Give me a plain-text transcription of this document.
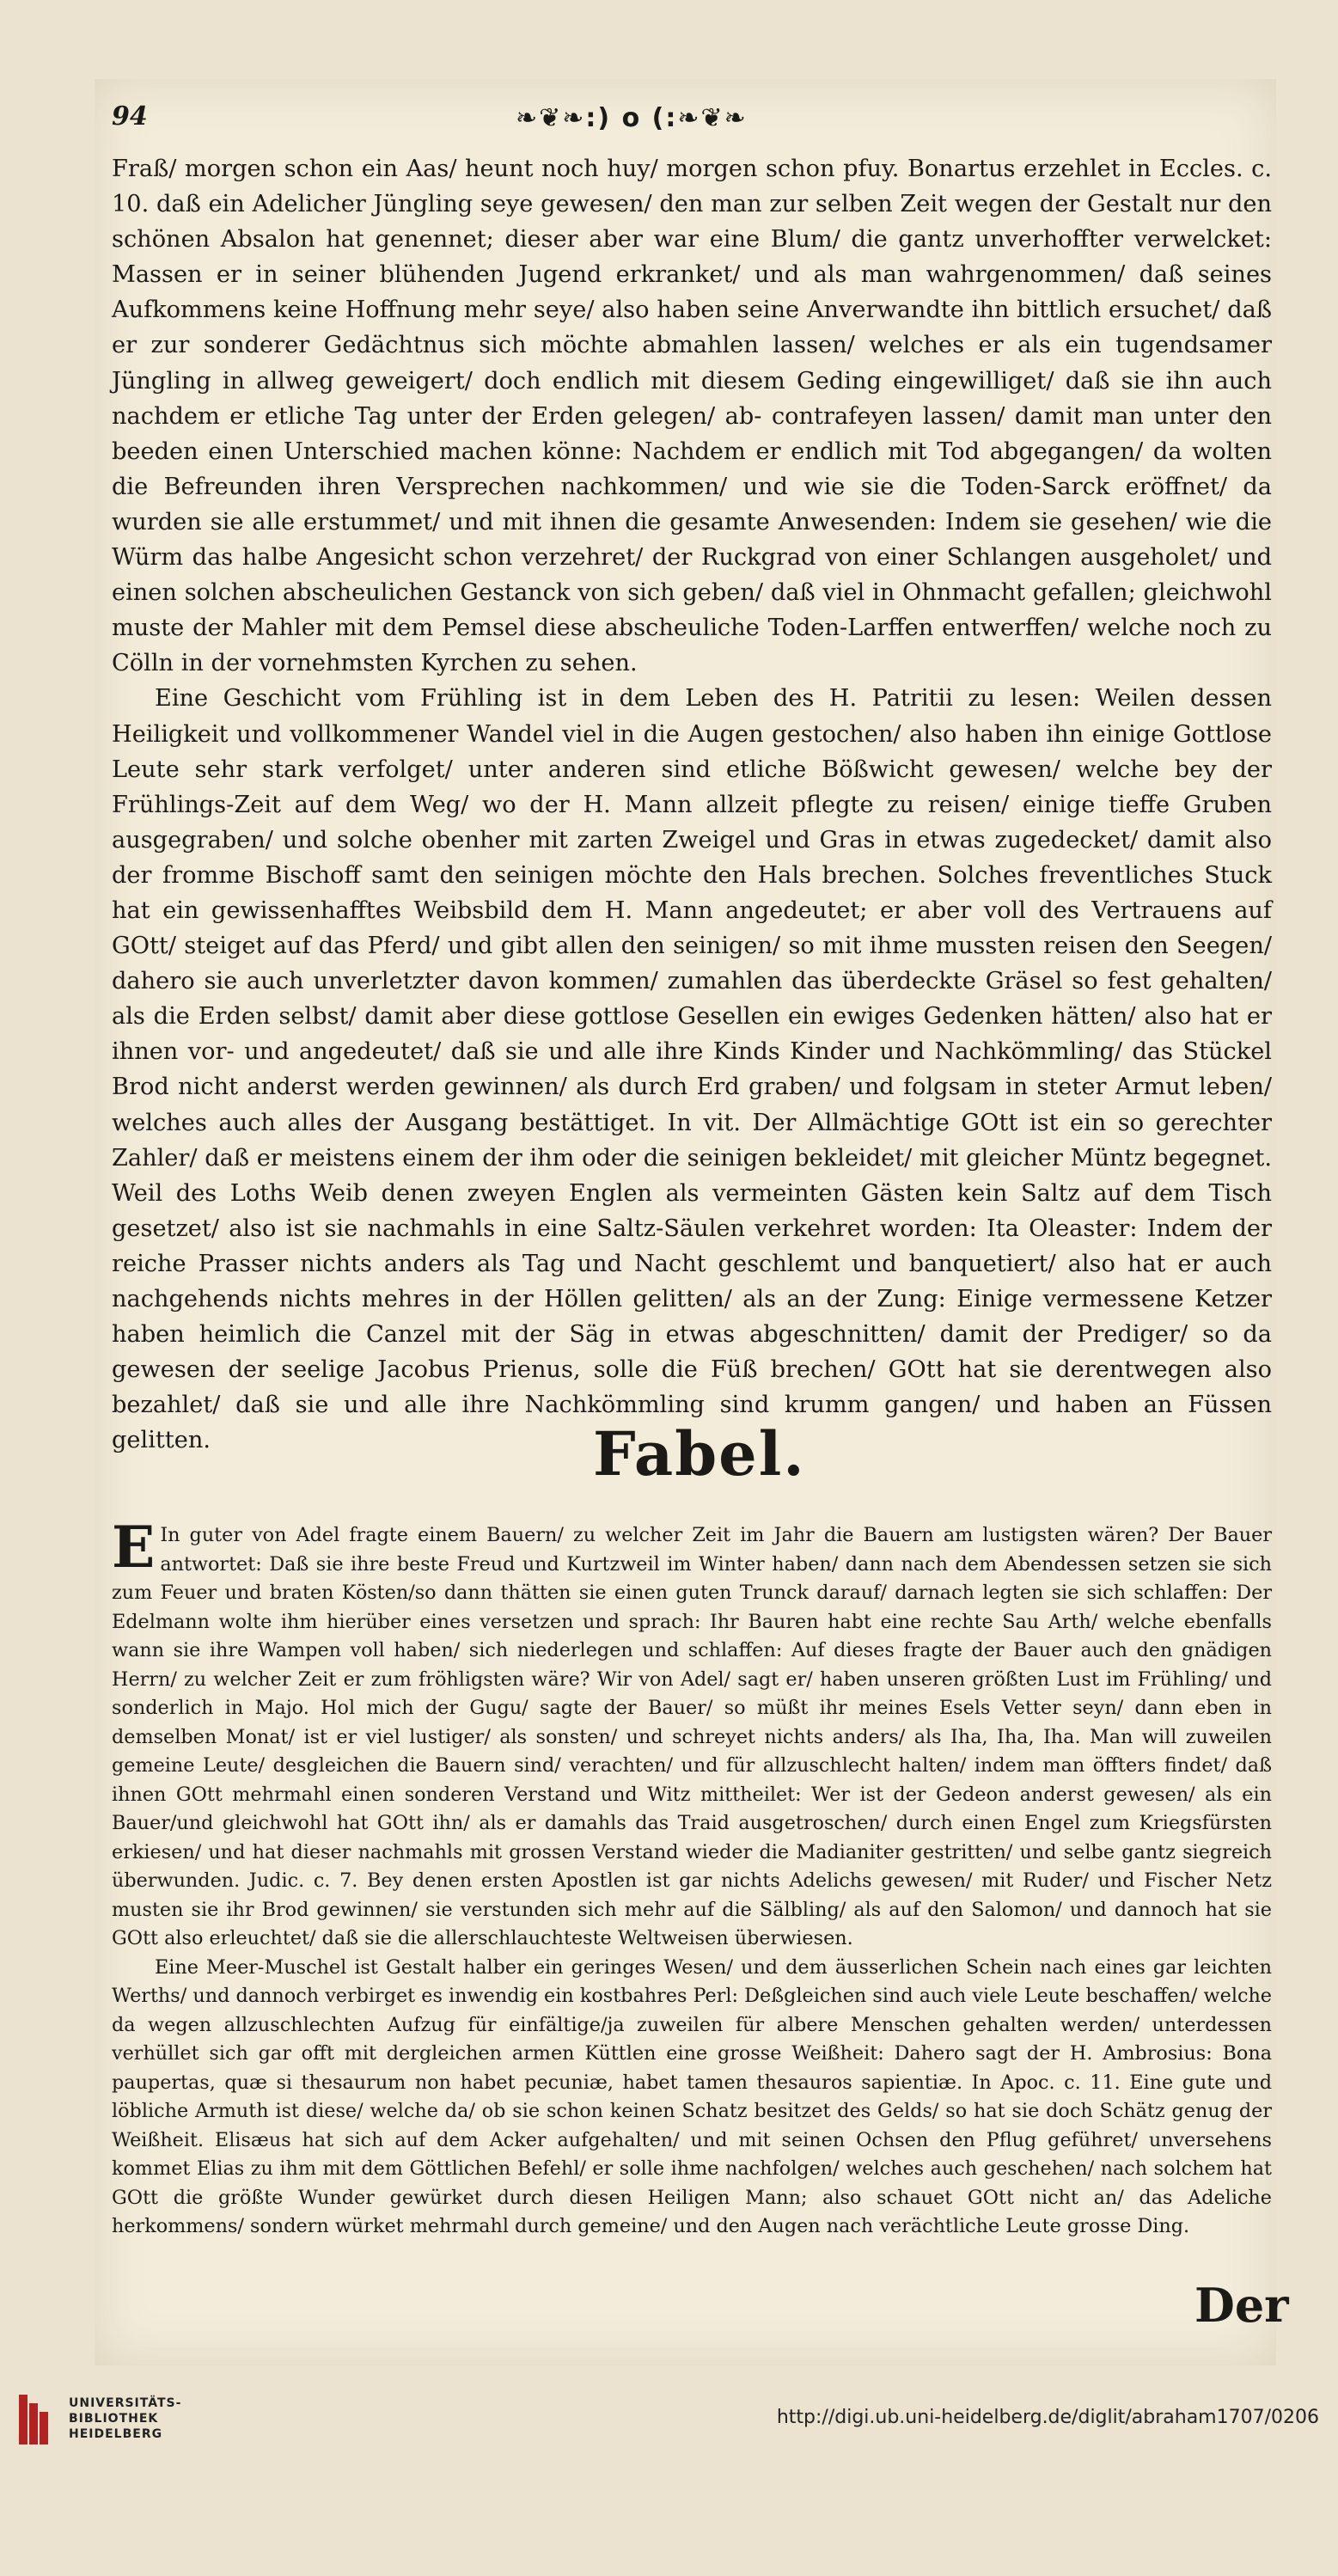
94	❧❦❧:) o (:❧❦❧

Fraß/ morgen schon ein Aas/ heunt noch huy/ morgen schon pfuy. Bonartus erzehlet in Eccles. c. 10. daß ein Adelicher Jüngling seye gewesen/ den man zur selben Zeit wegen der Gestalt nur den schönen Absalon hat genennet; dieser aber war eine Blum/ die gantz unverhoffter verwelcket: Massen er in seiner blühenden Jugend erkranket/ und als man wahrgenommen/ daß seines Aufkommens keine Hoffnung mehr seye/ also haben seine Anverwandte ihn bittlich ersuchet/ daß er zur sonderer Gedächtnus sich möchte abmahlen lassen/ welches er als ein tugendsamer Jüngling in allweg geweigert/ doch endlich mit diesem Geding eingewilliget/ daß sie ihn auch nachdem er etliche Tag unter der Erden gelegen/ ab- contrafeyen lassen/ damit man unter den beeden einen Unterschied machen könne: Nachdem er endlich mit Tod abgegangen/ da wolten die Befreunden ihren Versprechen nachkommen/ und wie sie die Toden-Sarck eröffnet/ da wurden sie alle erstummet/ und mit ihnen die gesamte Anwesenden: Indem sie gesehen/ wie die Würm das halbe Angesicht schon verzehret/ der Ruckgrad von einer Schlangen ausgeholet/ und einen solchen abscheulichen Gestanck von sich geben/ daß viel in Ohnmacht gefallen; gleichwohl muste der Mahler mit dem Pemsel diese abscheuliche Toden-Larffen entwerffen/ welche noch zu Cölln in der vornehmsten Kyrchen zu sehen.

Eine Geschicht vom Frühling ist in dem Leben des H. Patritii zu lesen: Weilen dessen Heiligkeit und vollkommener Wandel viel in die Augen gestochen/ also haben ihn einige Gottlose Leute sehr stark verfolget/ unter anderen sind etliche Bößwicht gewesen/ welche bey der Frühlings-Zeit auf dem Weg/ wo der H. Mann allzeit pflegte zu reisen/ einige tieffe Gruben ausgegraben/ und solche obenher mit zarten Zweigel und Gras in etwas zugedecket/ damit also der fromme Bischoff samt den seinigen möchte den Hals brechen. Solches freventliches Stuck hat ein gewissenhafftes Weibsbild dem H. Mann angedeutet; er aber voll des Vertrauens auf GOtt/ steiget auf das Pferd/ und gibt allen den seinigen/ so mit ihme mussten reisen den Seegen/ dahero sie auch unverletzter davon kommen/ zumahlen das überdeckte Gräsel so fest gehalten/ als die Erden selbst/ damit aber diese gottlose Gesellen ein ewiges Gedenken hätten/ also hat er ihnen vor- und angedeutet/ daß sie und alle ihre Kinds Kinder und Nachkömmling/ das Stückel Brod nicht anderst werden gewinnen/ als durch Erd graben/ und folgsam in steter Armut leben/ welches auch alles der Ausgang bestättiget. In vit. Der Allmächtige GOtt ist ein so gerechter Zahler/ daß er meistens einem der ihm oder die seinigen bekleidet/ mit gleicher Müntz begegnet. Weil des Loths Weib denen zweyen Englen als vermeinten Gästen kein Saltz auf dem Tisch gesetzet/ also ist sie nachmahls in eine Saltz-Säulen verkehret worden: Ita Oleaster: Indem der reiche Prasser nichts anders als Tag und Nacht geschlemt und banquetiert/ also hat er auch nachgehends nichts mehres in der Höllen gelitten/ als an der Zung: Einige vermessene Ketzer haben heimlich die Canzel mit der Säg in etwas abgeschnitten/ damit der Prediger/ so da gewesen der seelige Jacobus Prienus, solle die Füß brechen/ GOtt hat sie derentwegen also bezahlet/ daß sie und alle ihre Nachkömmling sind krumm gangen/ und haben an Füssen gelitten.	Fabel.

E In guter von Adel fragte einem Bauern/ zu welcher Zeit im Jahr die Bauern am lustigsten wären? Der Bauer antwortet: Daß sie ihre beste Freud und Kurtzweil im Winter haben/ dann nach dem Abendessen setzen sie sich zum Feuer und braten Kösten/so dann thätten sie einen guten Trunck darauf/ darnach legten sie sich schlaffen: Der Edelmann wolte ihm hierüber eines versetzen und sprach: Ihr Bauren habt eine rechte Sau Arth/ welche ebenfalls wann sie ihre Wampen voll haben/ sich niederlegen und schlaffen: Auf dieses fragte der Bauer auch den gnädigen Herrn/ zu welcher Zeit er zum fröhligsten wäre? Wir von Adel/ sagt er/ haben unseren größten Lust im Frühling/ und sonderlich in Majo. Hol mich der Gugu/ sagte der Bauer/ so müßt ihr meines Esels Vetter seyn/ dann eben in demselben Monat/ ist er viel lustiger/ als sonsten/ und schreyet nichts anders/ als Iha, Iha, Iha. Man will zuweilen gemeine Leute/ desgleichen die Bauern sind/ verachten/ und für allzuschlecht halten/ indem man öffters findet/ daß ihnen GOtt mehrmahl einen sonderen Verstand und Witz mittheilet: Wer ist der Gedeon anderst gewesen/ als ein Bauer/und gleichwohl hat GOtt ihn/ als er damahls das Traid ausgetroschen/ durch einen Engel zum Kriegsfürsten erkiesen/ und hat dieser nachmahls mit grossen Verstand wieder die Madianiter gestritten/ und selbe gantz siegreich überwunden. Judic. c. 7. Bey denen ersten Apostlen ist gar nichts Adelichs gewesen/ mit Ruder/ und Fischer Netz musten sie ihr Brod gewinnen/ sie verstunden sich mehr auf die Sälbling/ als auf den Salomon/ und dannoch hat sie GOtt also erleuchtet/ daß sie die allerschlauchteste Weltweisen überwiesen.

Eine Meer-Muschel ist Gestalt halber ein geringes Wesen/ und dem äusserlichen Schein nach eines gar leichten Werths/ und dannoch verbirget es inwendig ein kostbahres Perl: Deßgleichen sind auch viele Leute beschaffen/ welche da wegen allzuschlechten Aufzug für einfältige/ja zuweilen für albere Menschen gehalten werden/ unterdessen verhüllet sich gar offt mit dergleichen armen Küttlen eine grosse Weißheit: Dahero sagt der H. Ambrosius: Bona paupertas, quæ si thesaurum non habet pecuniæ, habet tamen thesauros sapientiæ. In Apoc. c. 11. Eine gute und löbliche Armuth ist diese/ welche da/ ob sie schon keinen Schatz besitzet des Gelds/ so hat sie doch Schätz genug der Weißheit. Elisæus hat sich auf dem Acker aufgehalten/ und mit seinen Ochsen den Pflug geführet/ unversehens kommet Elias zu ihm mit dem Göttlichen Befehl/ er solle ihme nachfolgen/ welches auch geschehen/ nach solchem hat GOtt die größte Wunder gewürket durch diesen Heiligen Mann; also schauet GOtt nicht an/ das Adeliche herkommens/ sondern würket mehrmahl durch gemeine/ und den Augen nach verächtliche Leute grosse Ding.

Der
UNIVERSITÄTS-
BIBLIOTHEK
HEIDELBERG
http://digi.ub.uni-heidelberg.de/diglit/abraham1707/0206
